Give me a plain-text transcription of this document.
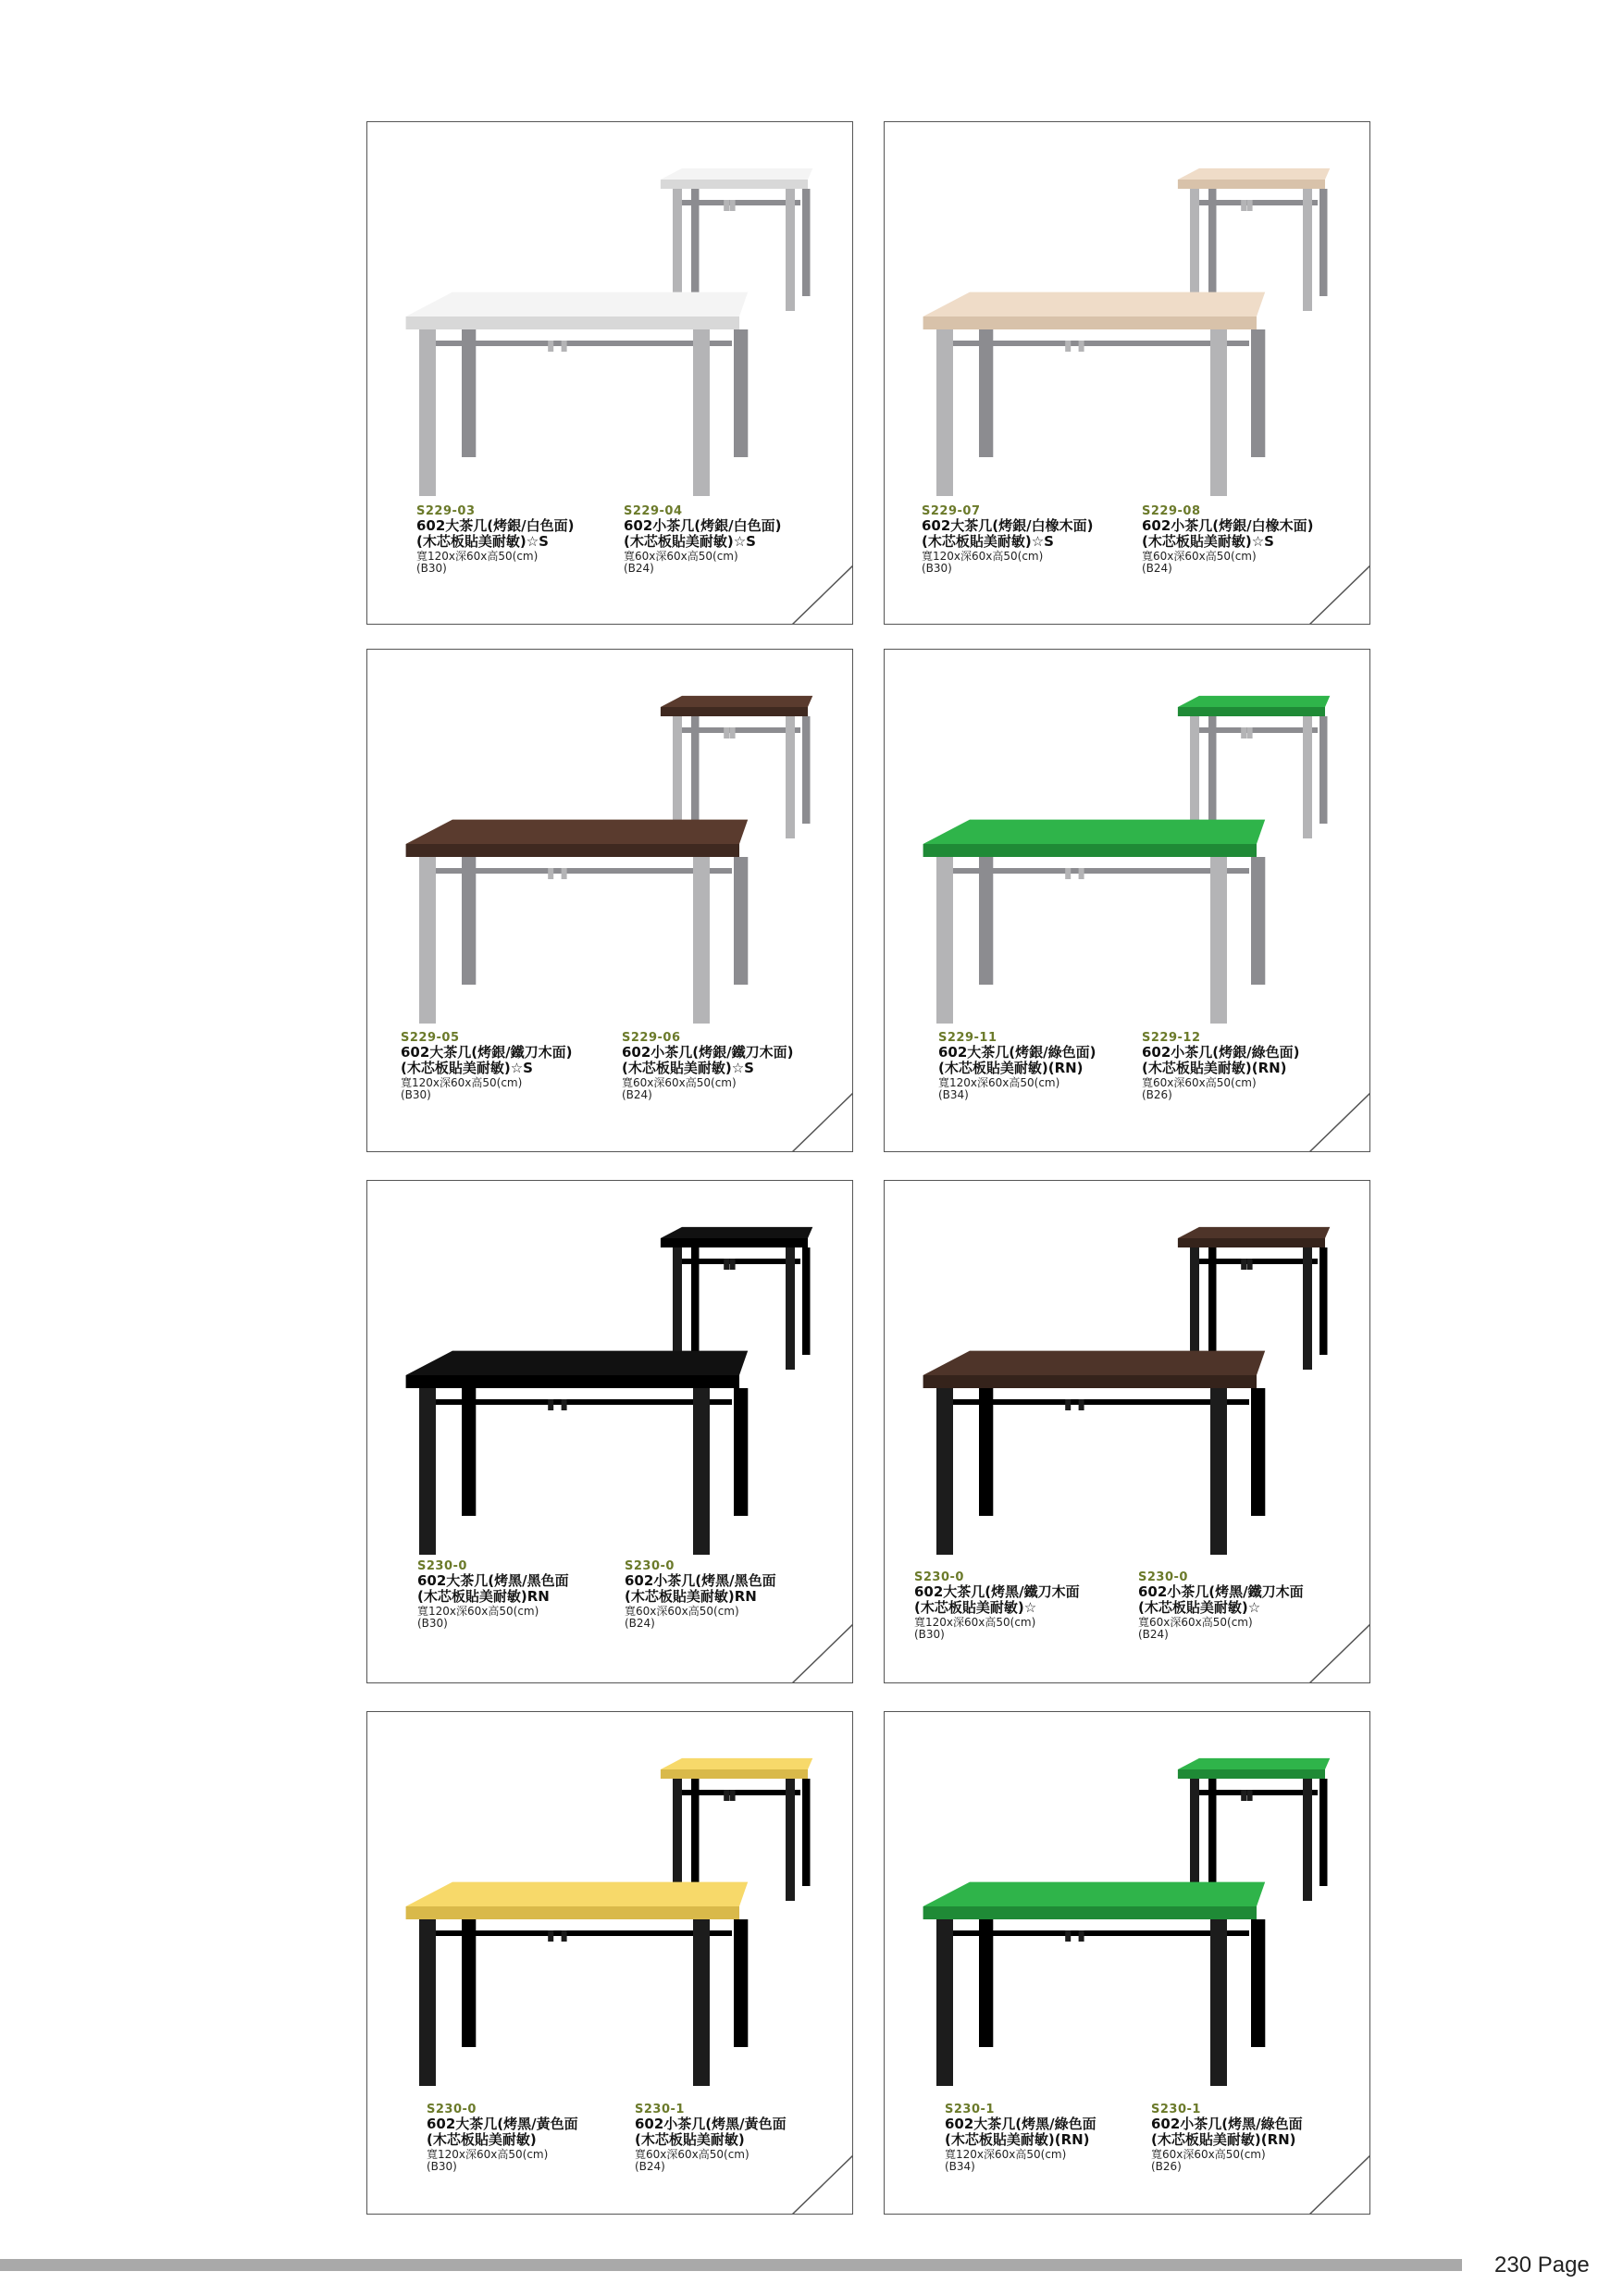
S229-03
602大茶几(烤銀/白色面)
(木芯板貼美耐敏)☆S
寬120x深60x高50(cm)
(B30)
S229-04
602小茶几(烤銀/白色面)
(木芯板貼美耐敏)☆S
寬60x深60x高50(cm)
(B24)
S229-07
602大茶几(烤銀/白橡木面)
(木芯板貼美耐敏)☆S
寬120x深60x高50(cm)
(B30)
S229-08
602小茶几(烤銀/白橡木面)
(木芯板貼美耐敏)☆S
寬60x深60x高50(cm)
(B24)
S229-05
602大茶几(烤銀/鐵刀木面)
(木芯板貼美耐敏)☆S
寬120x深60x高50(cm)
(B30)
S229-06
602小茶几(烤銀/鐵刀木面)
(木芯板貼美耐敏)☆S
寬60x深60x高50(cm)
(B24)
S229-11
602大茶几(烤銀/綠色面)
(木芯板貼美耐敏)(RN)
寬120x深60x高50(cm)
(B34)
S229-12
602小茶几(烤銀/綠色面)
(木芯板貼美耐敏)(RN)
寬60x深60x高50(cm)
(B26)
S230-0
602大茶几(烤黑/黑色面
(木芯板貼美耐敏)RN
寬120x深60x高50(cm)
(B30)
S230-0
602小茶几(烤黑/黑色面
(木芯板貼美耐敏)RN
寬60x深60x高50(cm)
(B24)
S230-0
602大茶几(烤黑/鐵刀木面
(木芯板貼美耐敏)☆
寬120x深60x高50(cm)
(B30)
S230-0
602小茶几(烤黑/鐵刀木面
(木芯板貼美耐敏)☆
寬60x深60x高50(cm)
(B24)
S230-0
602大茶几(烤黑/黃色面
(木芯板貼美耐敏)
寬120x深60x高50(cm)
(B30)
S230-1
602小茶几(烤黑/黃色面
(木芯板貼美耐敏)
寬60x深60x高50(cm)
(B24)
S230-1
602大茶几(烤黑/綠色面
(木芯板貼美耐敏)(RN)
寬120x深60x高50(cm)
(B34)
S230-1
602小茶几(烤黑/綠色面
(木芯板貼美耐敏)(RN)
寬60x深60x高50(cm)
(B26)
230 Page
